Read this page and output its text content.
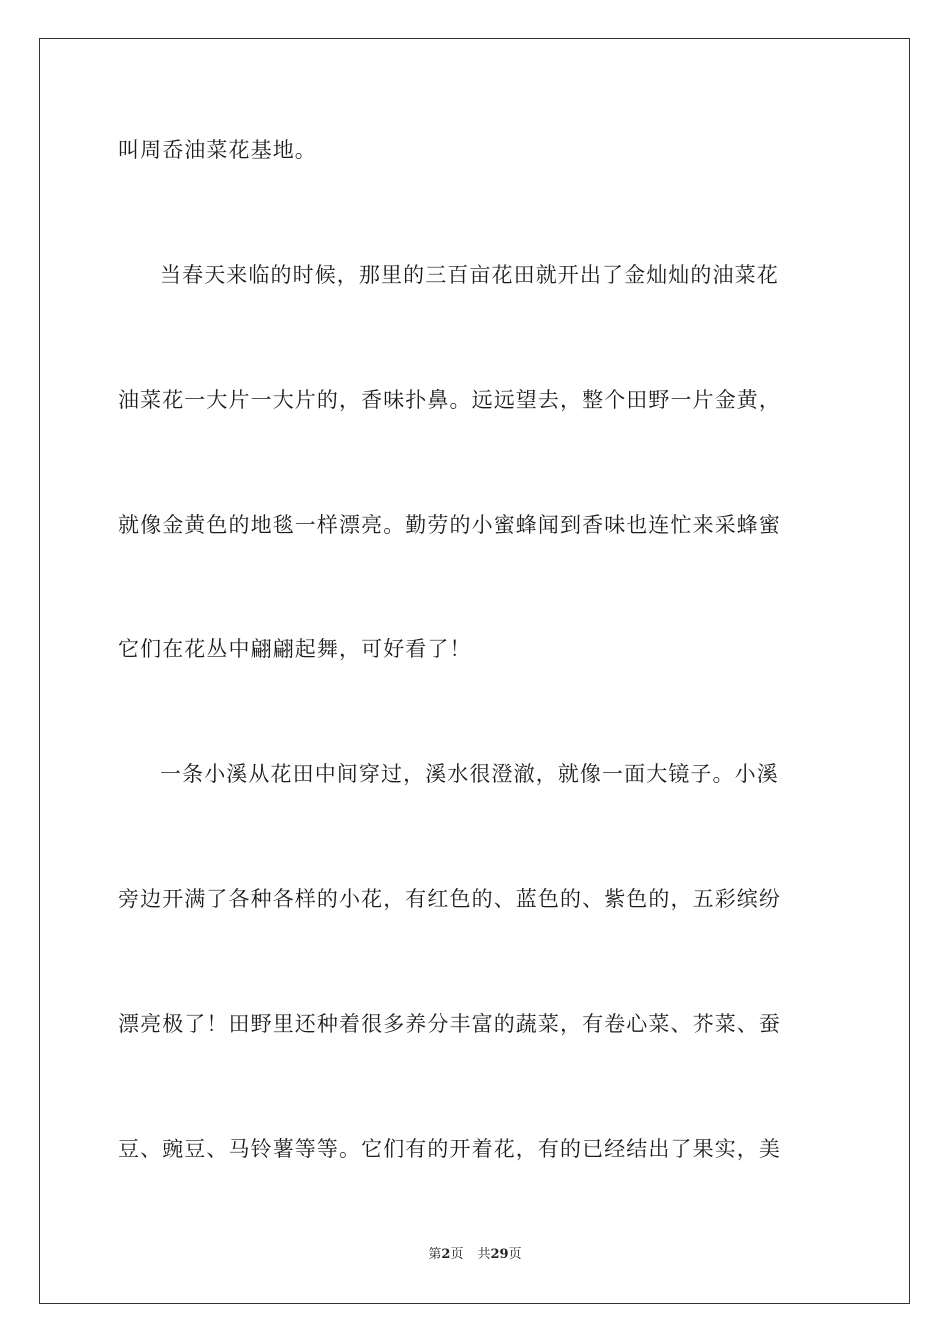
叫周岙油菜花基地。
当春天来临的时候，那里的三百亩花田就开出了金灿灿的油菜花
油菜花一大片一大片的，香味扑鼻。远远望去，整个田野一片金黄，
就像金黄色的地毯一样漂亮。勤劳的小蜜蜂闻到香味也连忙来采蜂蜜
它们在花丛中翩翩起舞，可好看了！
一条小溪从花田中间穿过，溪水很澄澈，就像一面大镜子。小溪
旁边开满了各种各样的小花，有红色的、蓝色的、紫色的，五彩缤纷
漂亮极了！田野里还种着很多养分丰富的蔬菜，有卷心菜、芥菜、蚕
豆、豌豆、马铃薯等等。它们有的开着花，有的已经结出了果实，美
第2页 共29页
